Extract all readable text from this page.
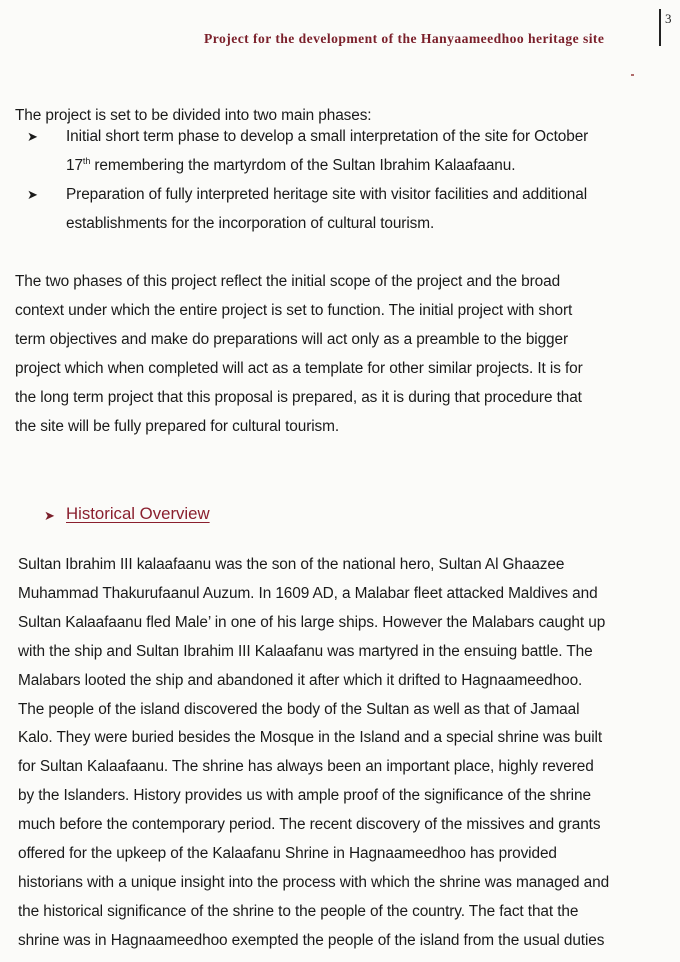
Project for the development of the Hanyaameedhoo heritage site
3
The project is set to be divided into two main phases:
➤ Initial short term phase to develop a small interpretation of the site for October
17th remembering the martyrdom of the Sultan Ibrahim Kalaafaanu.
➤ Preparation of fully interpreted heritage site with visitor facilities and additional
establishments for the incorporation of cultural tourism.
The two phases of this project reflect the initial scope of the project and the broad
context under which the entire project is set to function. The initial project with short
term objectives and make do preparations will act only as a preamble to the bigger
project which when completed will act as a template for other similar projects. It is for
the long term project that this proposal is prepared, as it is during that procedure that
the site will be fully prepared for cultural tourism.
➤ Historical Overview
Sultan Ibrahim III kalaafaanu was the son of the national hero, Sultan Al Ghaazee
Muhammad Thakurufaanul Auzum. In 1609 AD, a Malabar fleet attacked Maldives and
Sultan Kalaafaanu fled Male’ in one of his large ships. However the Malabars caught up
with the ship and Sultan Ibrahim III Kalaafanu was martyred in the ensuing battle. The
Malabars looted the ship and abandoned it after which it drifted to Hagnaameedhoo.
The people of the island discovered the body of the Sultan as well as that of Jamaal
Kalo. They were buried besides the Mosque in the Island and a special shrine was built
for Sultan Kalaafaanu. The shrine has always been an important place, highly revered
by the Islanders. History provides us with ample proof of the significance of the shrine
much before the contemporary period. The recent discovery of the missives and grants
offered for the upkeep of the Kalaafanu Shrine in Hagnaameedhoo has provided
historians with a unique insight into the process with which the shrine was managed and
the historical significance of the shrine to the people of the country. The fact that the
shrine was in Hagnaameedhoo exempted the people of the island from the usual duties
